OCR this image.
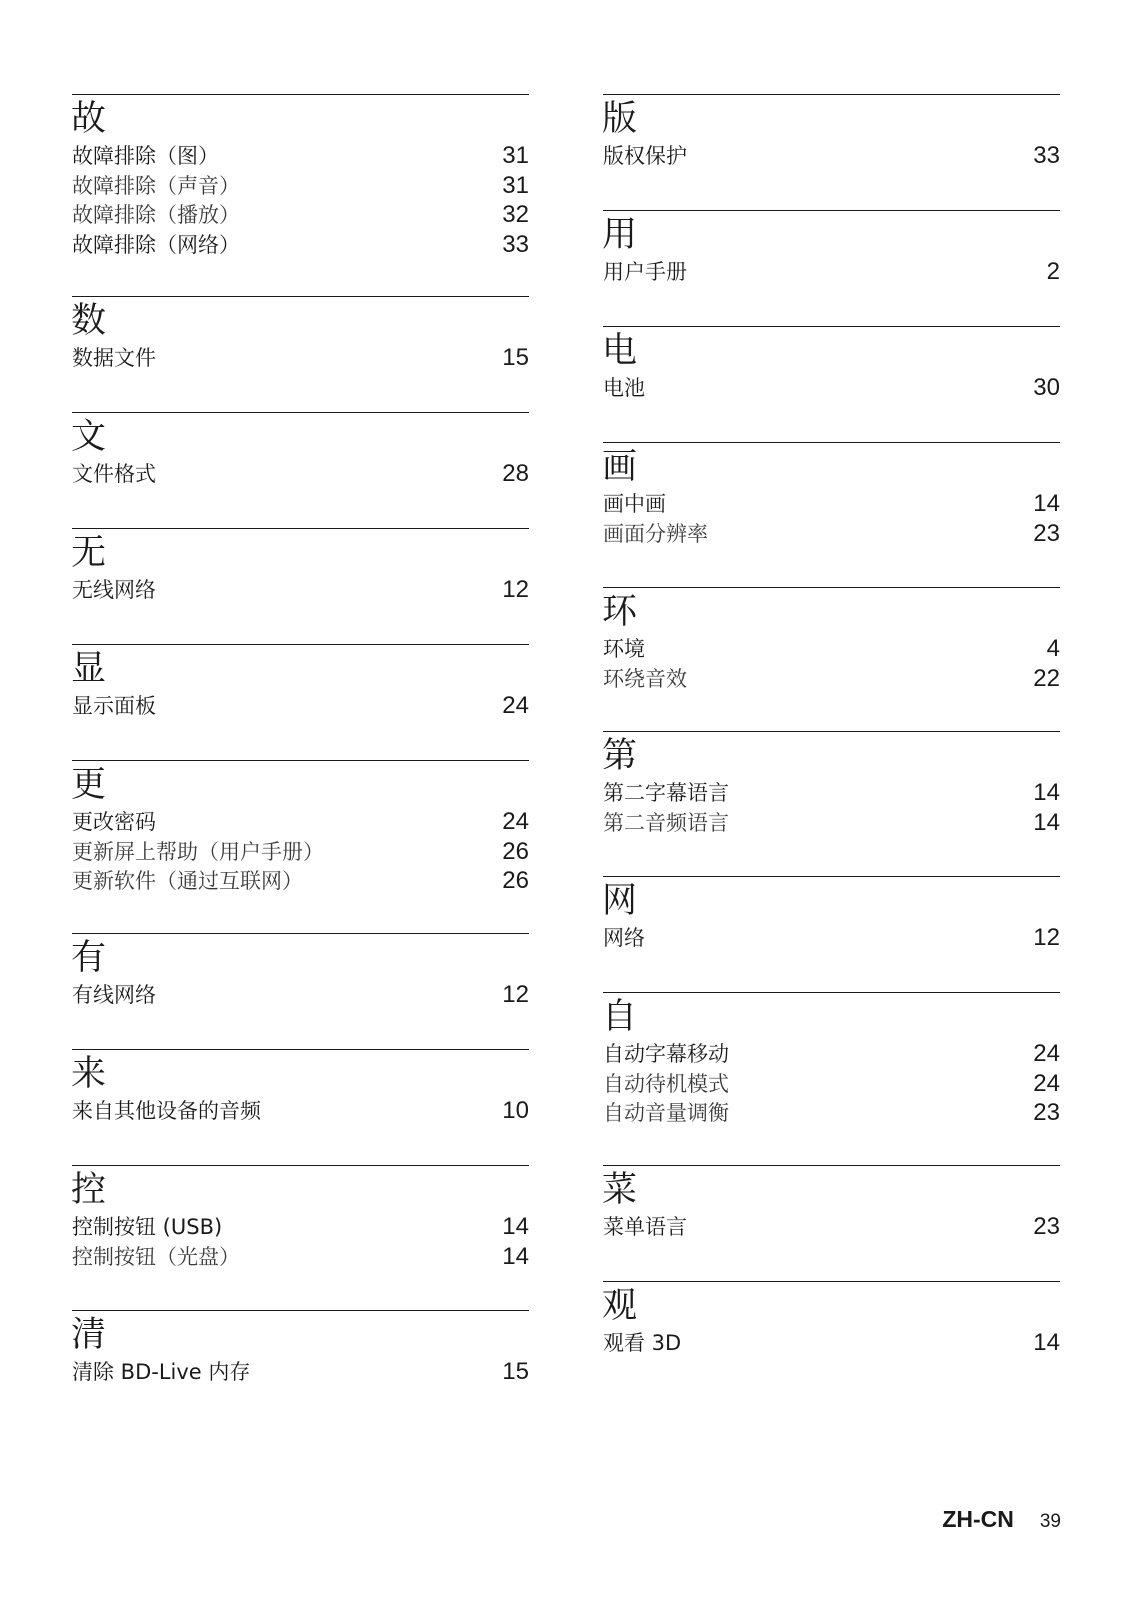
故
故障排除（图）	31
故障排除（声音）	31
故障排除（播放）	32
故障排除（网络）	33
数
数据文件	15
文
文件格式	28
无
无线网络	12
显
显示面板	24
更
更改密码	24
更新屏上帮助（用户手册）	26
更新软件（通过互联网）	26
有
有线网络	12
来
来自其他设备的音频	10
控
控制按钮 (USB)	14
控制按钮（光盘）	14
清
清除 BD-Live 内存	15
版
版权保护	33
用
用户手册	2
电
电池	30
画
画中画	14
画面分辨率	23
环
环境	4
环绕音效	22
第
第二字幕语言	14
第二音频语言	14
网
网络	12
自
自动字幕移动	24
自动待机模式	24
自动音量调衡	23
菜
菜单语言	23
观
观看 3D	14
ZH-CN 39
